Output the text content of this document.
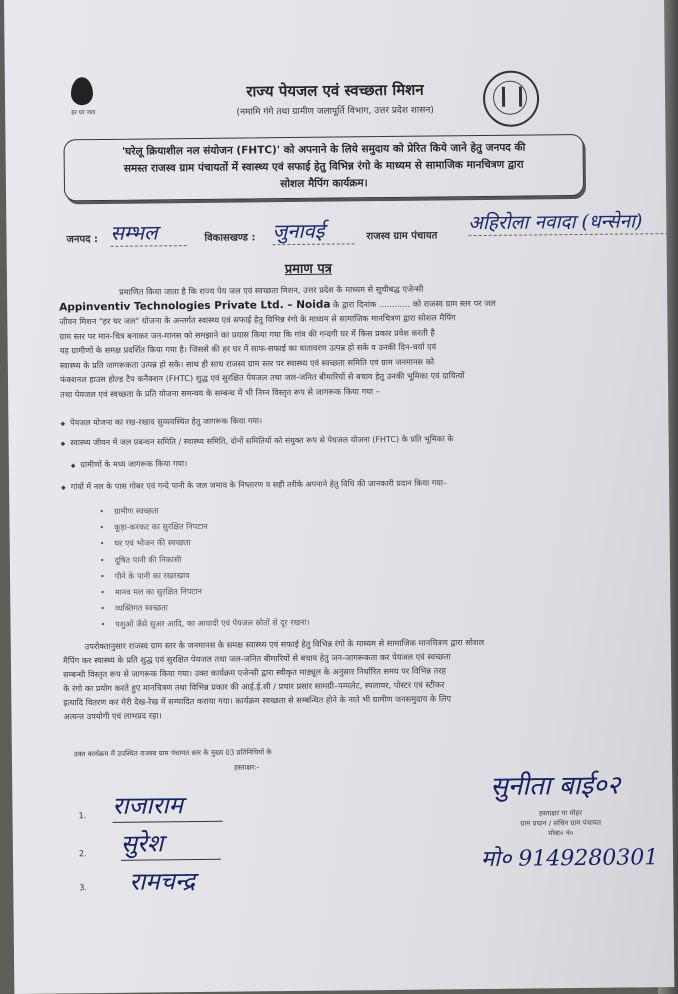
हर घर जल
राज्य पेयजल एवं स्वच्छता मिशन
(नमामि गंगे तथा ग्रामीण जलापूर्ति विभाग, उत्तर प्रदेश शासन)
'घरेलू क्रियाशील नल संयोजन (FHTC)' को अपनाने के लिये समुदाय को प्रेरित किये जाने हेतु जनपद की
समस्त राजस्व ग्राम पंचायतों में स्वास्थ्य एवं सफाई हेतु विभिन्न रंगो के माध्यम से सामाजिक मानचित्रण द्वारा
सोशल मैपिंग कार्यक्रम।
जनपद : सम्भल	विकासखण्ड : जुनावई	राजस्व ग्राम पंचायत
अहिरोला नवादा (धन्सेना)
प्रमाण पत्र
प्रमाणित किया जाता है कि राज्य पेय जल एवं स्वच्छता मिशन, उत्तर प्रदेश के माध्यम से सूचीबद्ध एजेन्सी
Appinventiv Technologies Private Ltd. – Noida के द्वारा दिनांक ............ को राजस्व ग्राम स्तर पर जल
जीवन मिशन "हर घर जल" योजना के अन्तर्गत स्वास्थ्य एवं सफाई हेतु विभिन्न रंगो के माध्यम से सामाजिक मानचित्रण द्वारा सोशल मैपिंग
ग्राम स्तर पर मान-चित्र बनाकर जन-मानस को समझाने का प्रयास किया गया कि गांव की गन्दगी घर में किस प्रकार प्रवेश करती है
यह ग्रामीणों के समक्ष प्रदर्शित किया गया है। जिससे की हर घर में साफ-सफाई का वातावरण उत्पन्न हो सके व उनकी दिन-चर्या एवं
स्वास्थ्य के प्रति जागरूकता उत्पन्न हो सके। साथ ही साथ राजस्व ग्राम स्तर पर स्वास्थ्य एवं स्वच्छता समिति एवं ग्राम जनमानस को
फंक्शनल हाउस होल्ड टैप कनैक्शन (FHTC) शुद्ध एवं सुरक्षित पेयजल तथा जल-जनित बीमारियों से बचाव हेतु उनकी भूमिका एवं दायित्वों
तथा पेयजल एवं स्वच्छता के प्रति योजना समन्वय के सम्बन्ध में भी निम्न विस्तृत रूप से जागरूक किया गया –
◆ पेयजल योजना का रख-रखाव सुव्यवस्थित हेतु जागरूक किया गया।
◆ स्वास्थ्य जीवन में जल प्रबन्धन समिति / स्वास्थ्य समिति, दोनों समितियों को संयुक्त रूप से पेयजल योजना (FHTC) के प्रति भूमिका के
◆ ग्रामीणों के मध्य जागरूक किया गया।
◆ गांवों में नल के पास गोबर एवं गन्दे पानी के जल जमाव के निष्तारण व सही तरीके अपनाने हेतु विधि की जानकारी प्रदान किया गया–
• ग्रामीण स्वच्छता
• कूड़ा-करकट का सुरक्षित निपटान
• घर एवं भोजन की स्वच्छता
• दूषित पानी की निकासी
• पीने के पानी का रखरखाव
• मानव मल का सुरक्षित निपटान
• व्यक्तिगत स्वच्छता
• पशुओं जैसे सुअर आदि, का आवादी एवं पेयजल स्रोतों से दूर रखना।
उपरोक्तानुसार राजस्व ग्राम स्तर के जनमानस के समक्ष स्वास्थ्य एवं सफाई हेतु विभिन्न रंगो के माध्यम से सामाजिक मानचित्रण द्वारा सोशल
मैपिंग कर स्वास्थ्य के प्रति शुद्ध एवं सुरक्षित पेयजल तथा जल-जनित बीमारियों से बचाव हेतु जन-जागरूकता कर पेयजल एवं स्वच्छता
सम्बन्धी विस्तृत रूप से जागरूक किया गया। उक्त कार्यक्रम एजेन्सी द्वारा स्वीकृत माड्यूल के अनुसार निर्धारित समय पर विभिन्न तरह
के रंगो का प्रयोग करते हुए मानचित्रण तथा विभिन्न प्रकार की आई.ई.सी / प्रचार प्रसार सामग्री–पम्पलेट, स्पलायर, पोस्टर एवं स्टीकर
इत्यादि वितरण कर मेरी देख-रेख में सम्पादित कराया गया। कार्यक्रम स्वच्छता से सम्बन्धित होने के नाते भी ग्रामीण जनसमुदाय के लिए
अत्यन्त उपयोगी एवं लाभप्रद रहा।
उक्त कार्यक्रम में उपस्थित राजस्व ग्राम पंचायत स्तर के मुख्य 03 प्रतिनिधियों के
हस्ताक्षर:-
1. राजाराम
2. सुरेश
3. रामचन्द्र
सुनीता बाई०२
हस्ताक्षर या मोहर
ग्राम प्रधान / सचिव ग्राम पंचायत
मोबा० नं०
मो० 9149280301
